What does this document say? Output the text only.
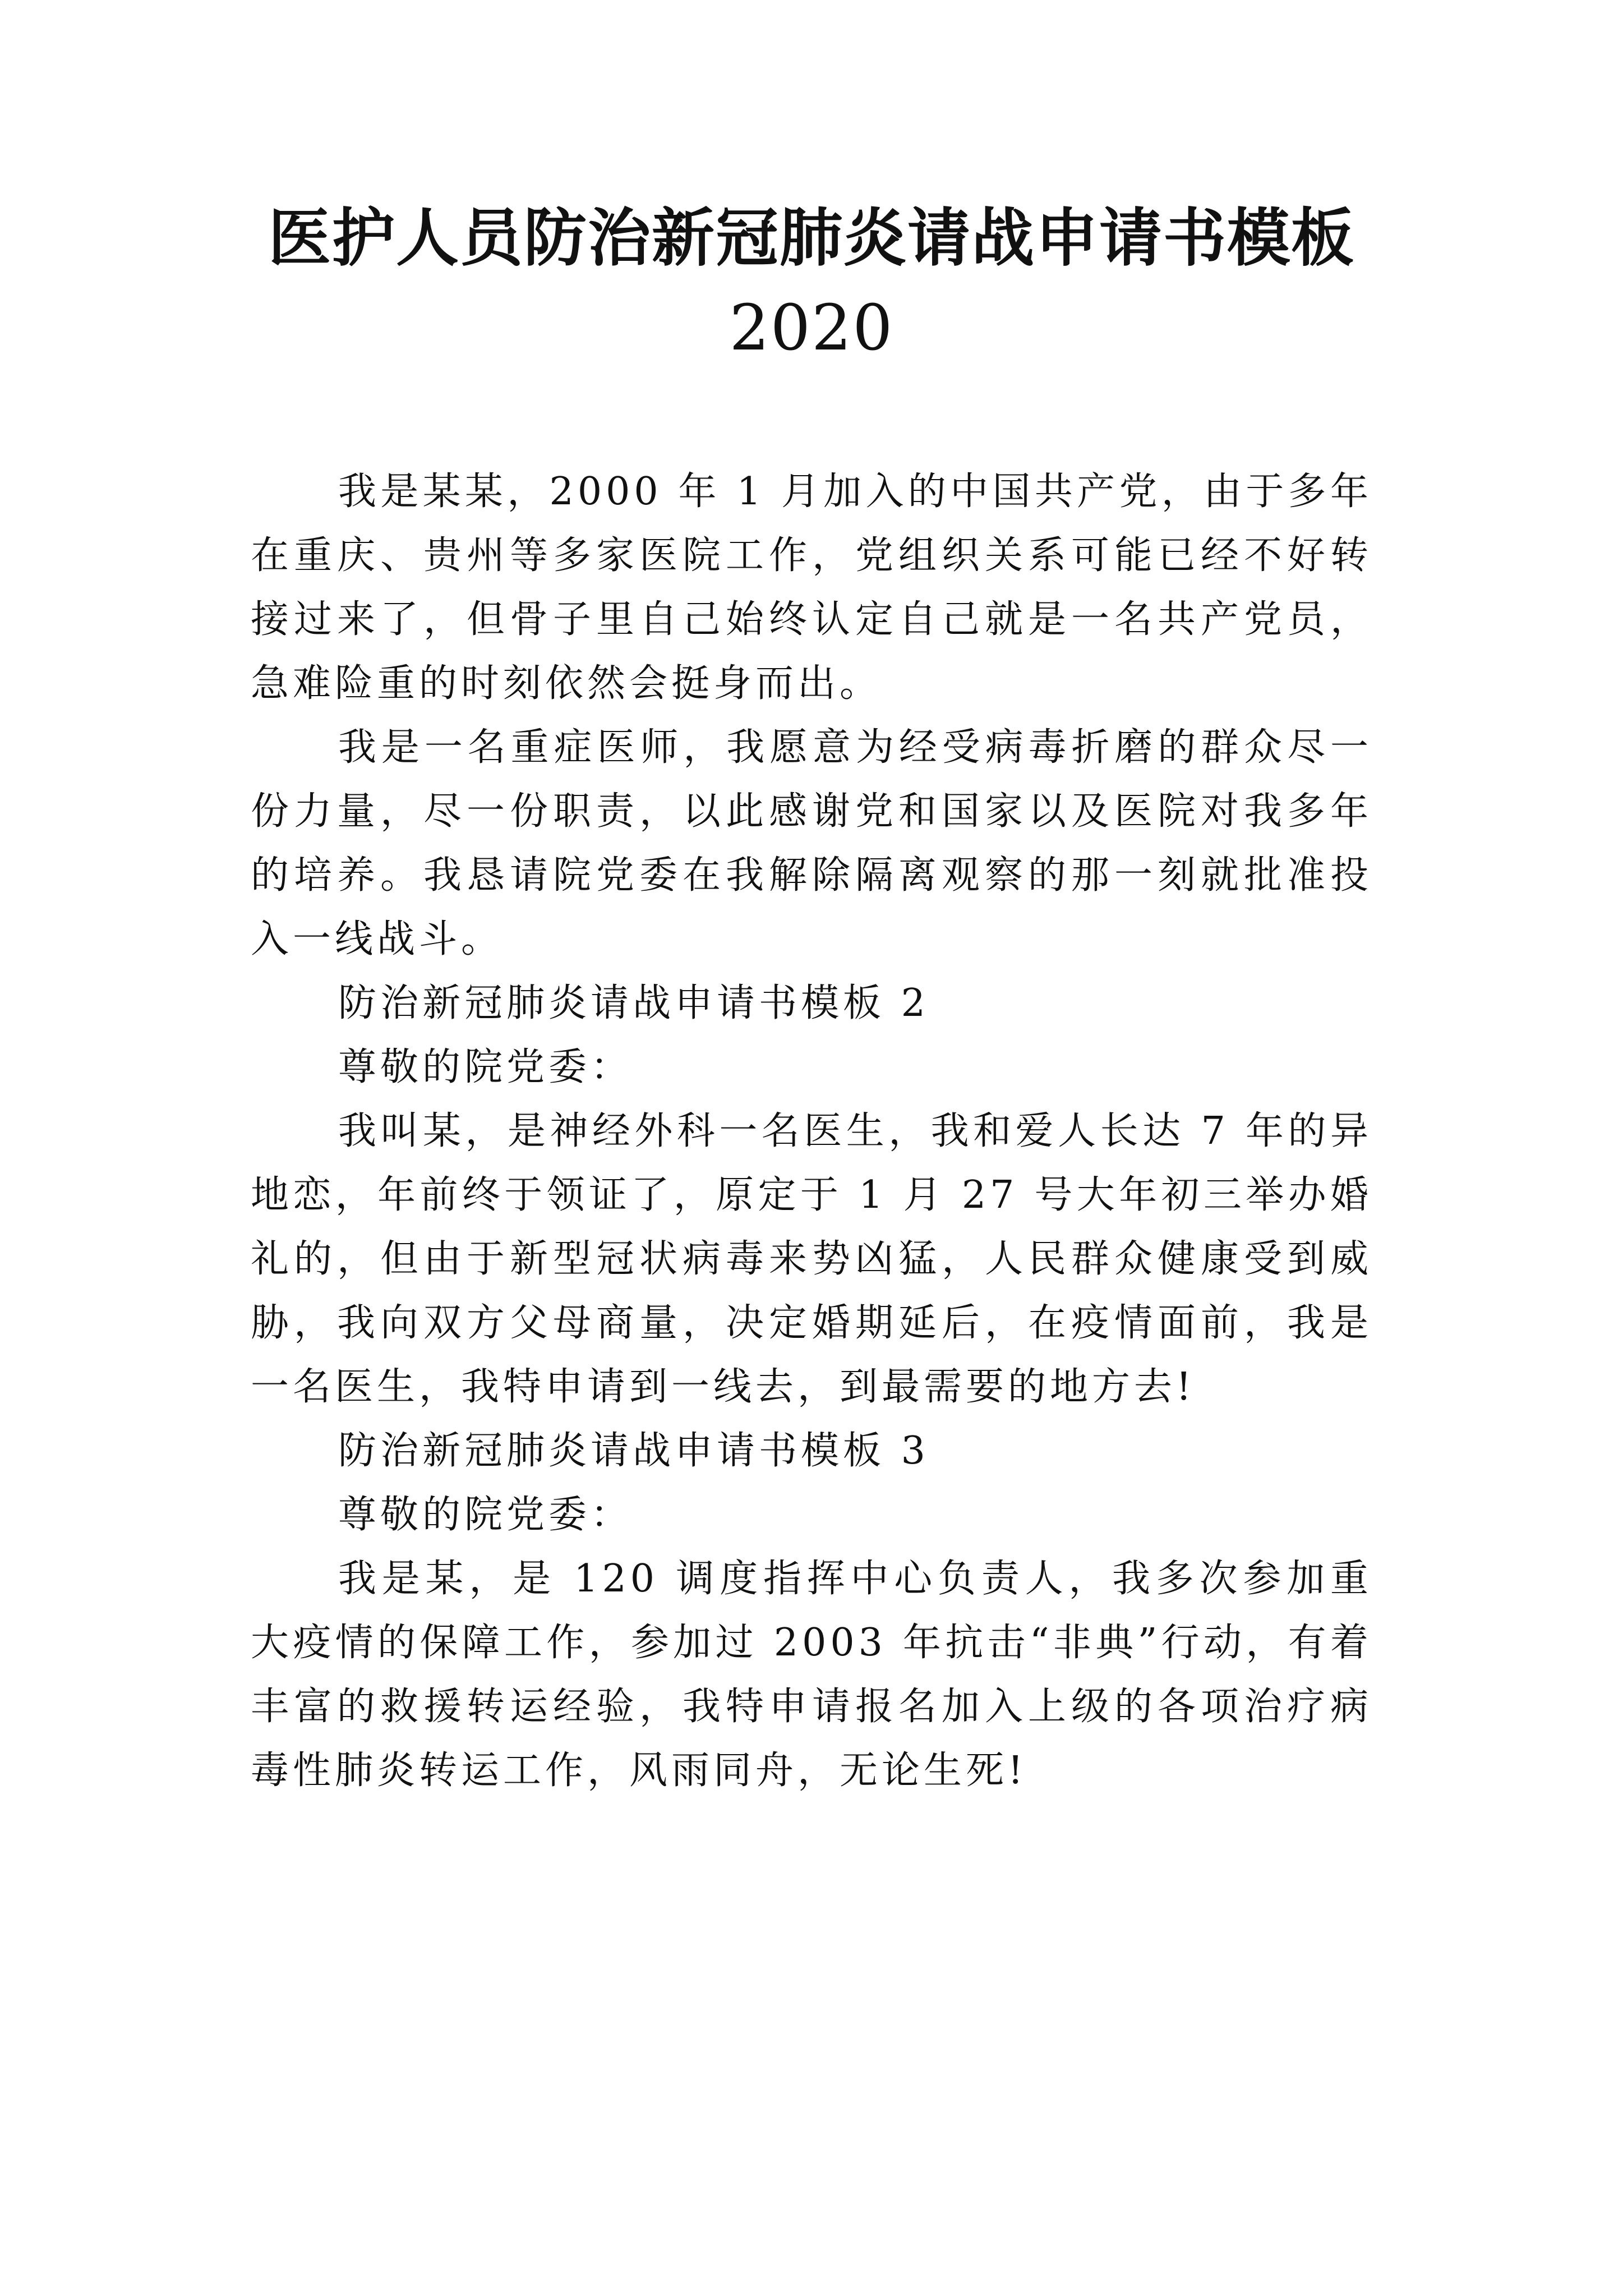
医护人员防治新冠肺炎请战申请书模板
2020

我是某某，2000 年 1 月加入的中国共产党，由于多年在重庆、贵州等多家医院工作，党组织关系可能已经不好转接过来了，但骨子里自己始终认定自己就是一名共产党员，急难险重的时刻依然会挺身而出。

我是一名重症医师，我愿意为经受病毒折磨的群众尽一份力量，尽一份职责，以此感谢党和国家以及医院对我多年的培养。我恳请院党委在我解除隔离观察的那一刻就批准投入一线战斗。

防治新冠肺炎请战申请书模板 2

尊敬的院党委：

我叫某，是神经外科一名医生，我和爱人长达 7 年的异地恋，年前终于领证了，原定于 1 月 27 号大年初三举办婚礼的，但由于新型冠状病毒来势凶猛，人民群众健康受到威胁，我向双方父母商量，决定婚期延后，在疫情面前，我是一名医生，我特申请到一线去，到最需要的地方去!

防治新冠肺炎请战申请书模板 3

尊敬的院党委：

我是某，是 120 调度指挥中心负责人，我多次参加重大疫情的保障工作，参加过 2003 年抗击“非典”行动，有着丰富的救援转运经验，我特申请报名加入上级的各项治疗病毒性肺炎转运工作，风雨同舟，无论生死!
